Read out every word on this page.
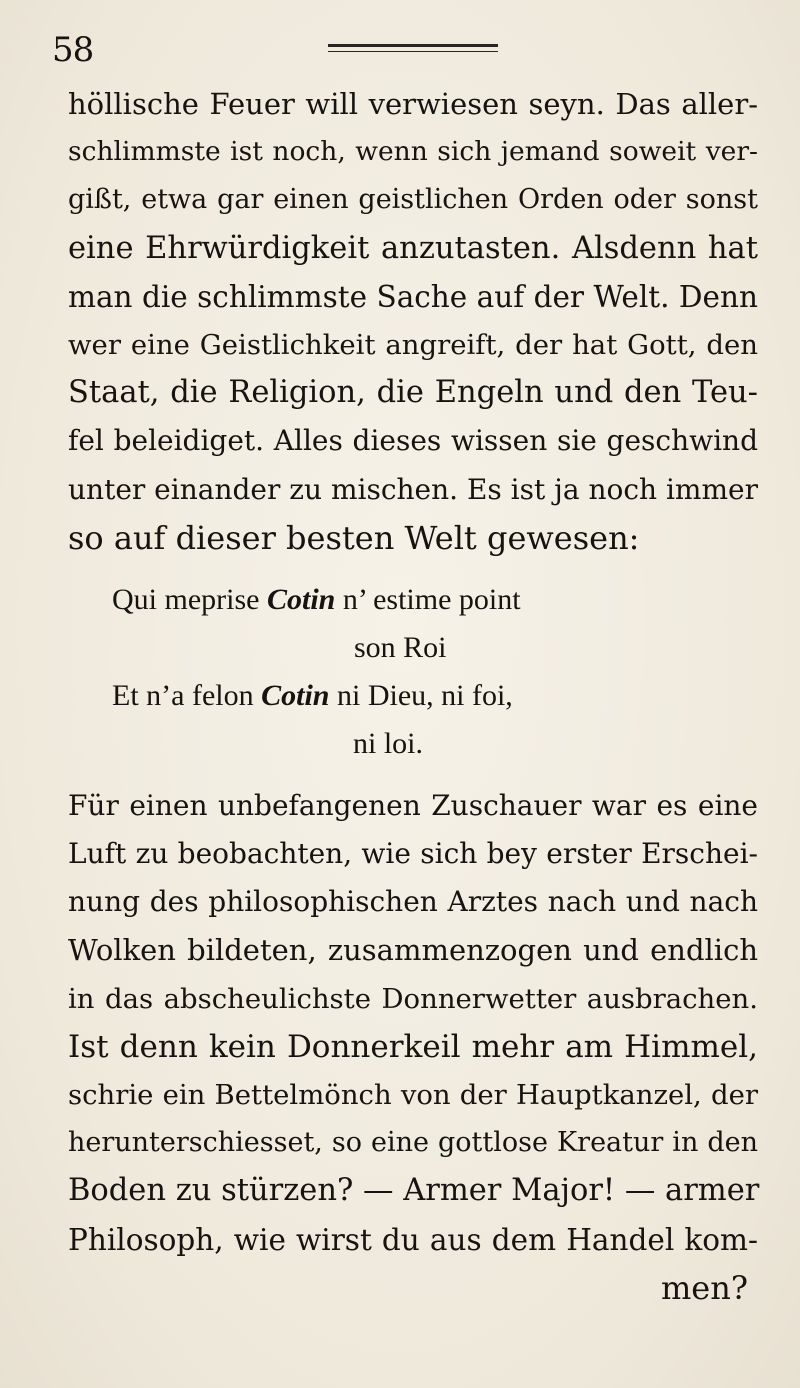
58
höllische Feuer will verwiesen seyn. Das aller-
schlimmste ist noch, wenn sich jemand soweit ver-
gißt, etwa gar einen geistlichen Orden oder sonst
eine Ehrwürdigkeit anzutasten. Alsdenn hat
man die schlimmste Sache auf der Welt. Denn
wer eine Geistlichkeit angreift, der hat Gott, den
Staat, die Religion, die Engeln und den Teu-
fel beleidiget. Alles dieses wissen sie geschwind
unter einander zu mischen. Es ist ja noch immer
so auf dieser besten Welt gewesen:
Qui meprise Cotin n’ estime point
son Roi
Et n’a felon Cotin ni Dieu, ni foi,
ni loi.
Für einen unbefangenen Zuschauer war es eine
Luft zu beobachten, wie sich bey erster Erschei-
nung des philosophischen Arztes nach und nach
Wolken bildeten, zusammenzogen und endlich
in das abscheulichste Donnerwetter ausbrachen.
Ist denn kein Donnerkeil mehr am Himmel,
schrie ein Bettelmönch von der Hauptkanzel, der
herunterschiesset, so eine gottlose Kreatur in den
Boden zu stürzen? — Armer Major! — armer
Philosoph, wie wirst du aus dem Handel kom-
men?
